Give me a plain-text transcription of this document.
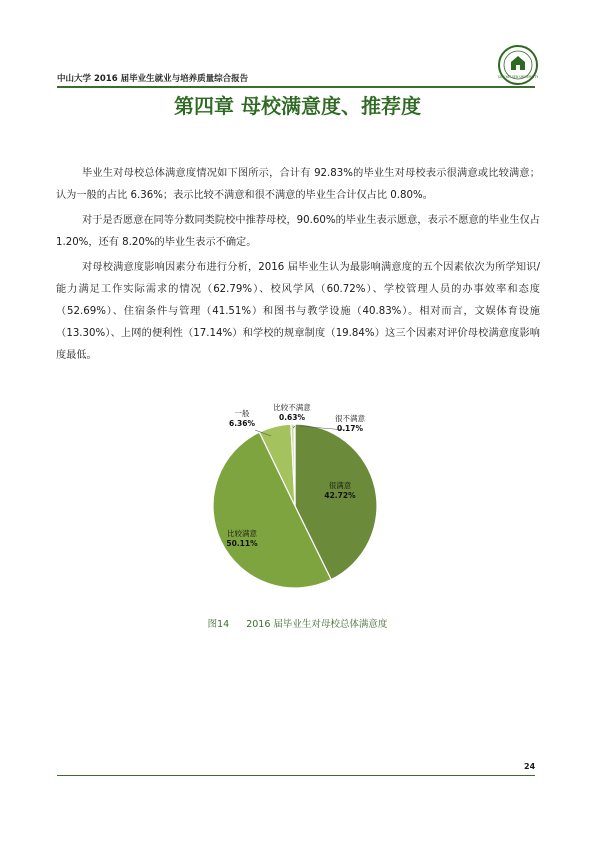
中山大学 2016 届毕业生就业与培养质量综合报告	SUN YAT-SEN UNIVERSITY
第四章 母校满意度、推荐度

毕业生对母校总体满意度情况如下图所示，合计有 92.83%的毕业生对母校表示很满意或比较满意；认为一般的占比 6.36%；表示比较不满意和很不满意的毕业生合计仅占比 0.80%。

对于是否愿意在同等分数同类院校中推荐母校，90.60%的毕业生表示愿意，表示不愿意的毕业生仅占 1.20%，还有 8.20%的毕业生表示不确定。

对母校满意度影响因素分布进行分析，2016 届毕业生认为最影响满意度的五个因素依次为所学知识/能力满足工作实际需求的情况（62.79%）、校风学风（60.72%）、学校管理人员的办事效率和态度（52.69%）、住宿条件与管理（41.51%）和图书与教学设施（40.83%）。相对而言，文娱体育设施（13.30%）、上网的便利性（17.14%）和学校的规章制度（19.84%）这三个因素对评价母校满意度影响度最低。

很满意
42.72%
比较满意
50.11%
一般
6.36%
比较不满意
0.63%	很不满意
0.17%
图14 2016 届毕业生对母校总体满意度
24
